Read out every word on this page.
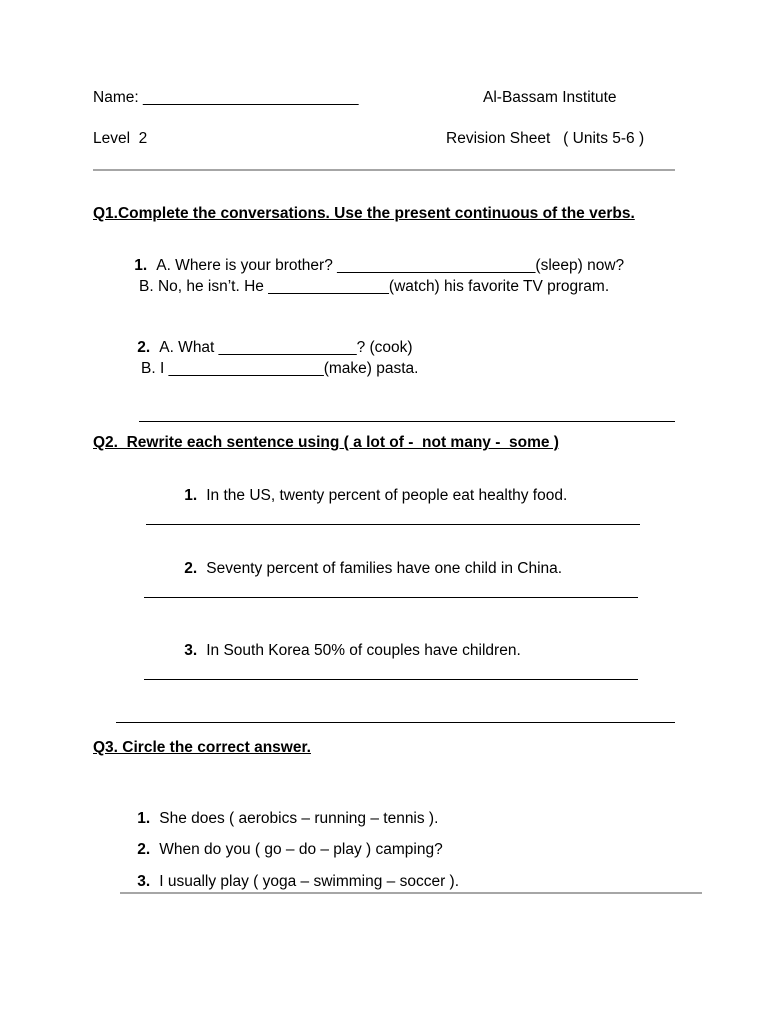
Name: _________________________	Al-Bassam Institute
Level  2	Revision Sheet   ( Units 5-6 )
Q1.Complete the conversations. Use the present continuous of the verbs.

1. A. Where is your brother? _______________________(sleep) now?

B. No, he isn’t. He ______________(watch) his favorite TV program.

2. A. What ________________? (cook)

B. I __________________(make) pasta.
Q2.  Rewrite each sentence using ( a lot of -  not many -  some )

1. In the US, twenty percent of people eat healthy food.

2. Seventy percent of families have one child in China.

3. In South Korea 50% of couples have children.

Q3. Circle the correct answer.

1. She does ( aerobics – running – tennis ).

2. When do you ( go – do – play ) camping?

3. I usually play ( yoga – swimming – soccer ).
